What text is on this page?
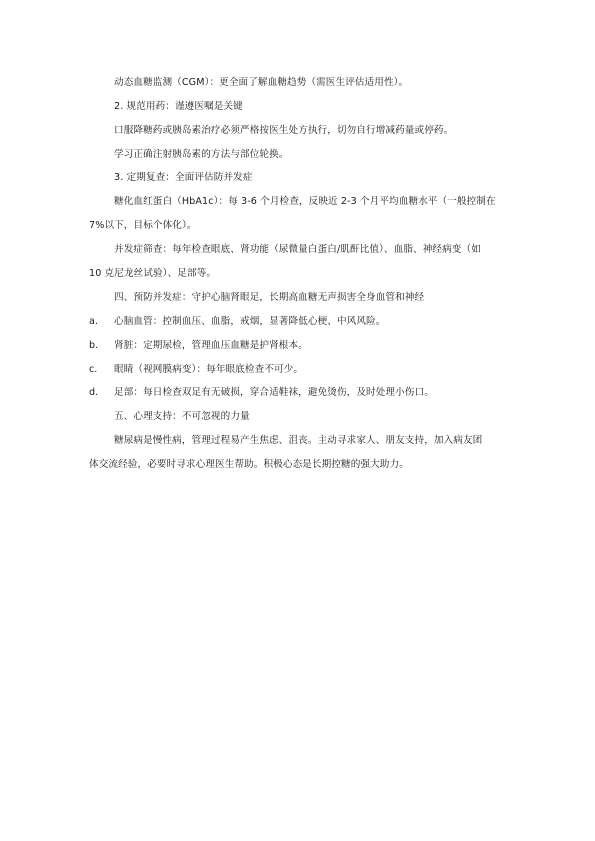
动态血糖监测（CGM）：更全面了解血糖趋势（需医生评估适用性）。
2. 规范用药：谨遵医嘱是关键
口服降糖药或胰岛素治疗必须严格按医生处方执行，切勿自行增减药量或停药。
学习正确注射胰岛素的方法与部位轮换。
3. 定期复查：全面评估防并发症
糖化血红蛋白（HbA1c）：每 3-6 个月检查，反映近 2-3 个月平均血糖水平（一般控制在
7%以下，目标个体化）。
并发症筛查：每年检查眼底、肾功能（尿微量白蛋白/肌酐比值）、血脂、神经病变（如
10 克尼龙丝试验）、足部等。
四、预防并发症：守护心脑肾眼足，长期高血糖无声损害全身血管和神经
a. 心脑血管：控制血压、血脂，戒烟，显著降低心梗、中风风险。
b. 肾脏：定期尿检，管理血压血糖是护肾根本。
c. 眼睛（视网膜病变）：每年眼底检查不可少。
d. 足部：每日检查双足有无破损，穿合适鞋袜，避免烫伤，及时处理小伤口。
五、心理支持：不可忽视的力量
糖尿病是慢性病，管理过程易产生焦虑、沮丧。主动寻求家人、朋友支持，加入病友团
体交流经验，必要时寻求心理医生帮助。积极心态是长期控糖的强大助力。
